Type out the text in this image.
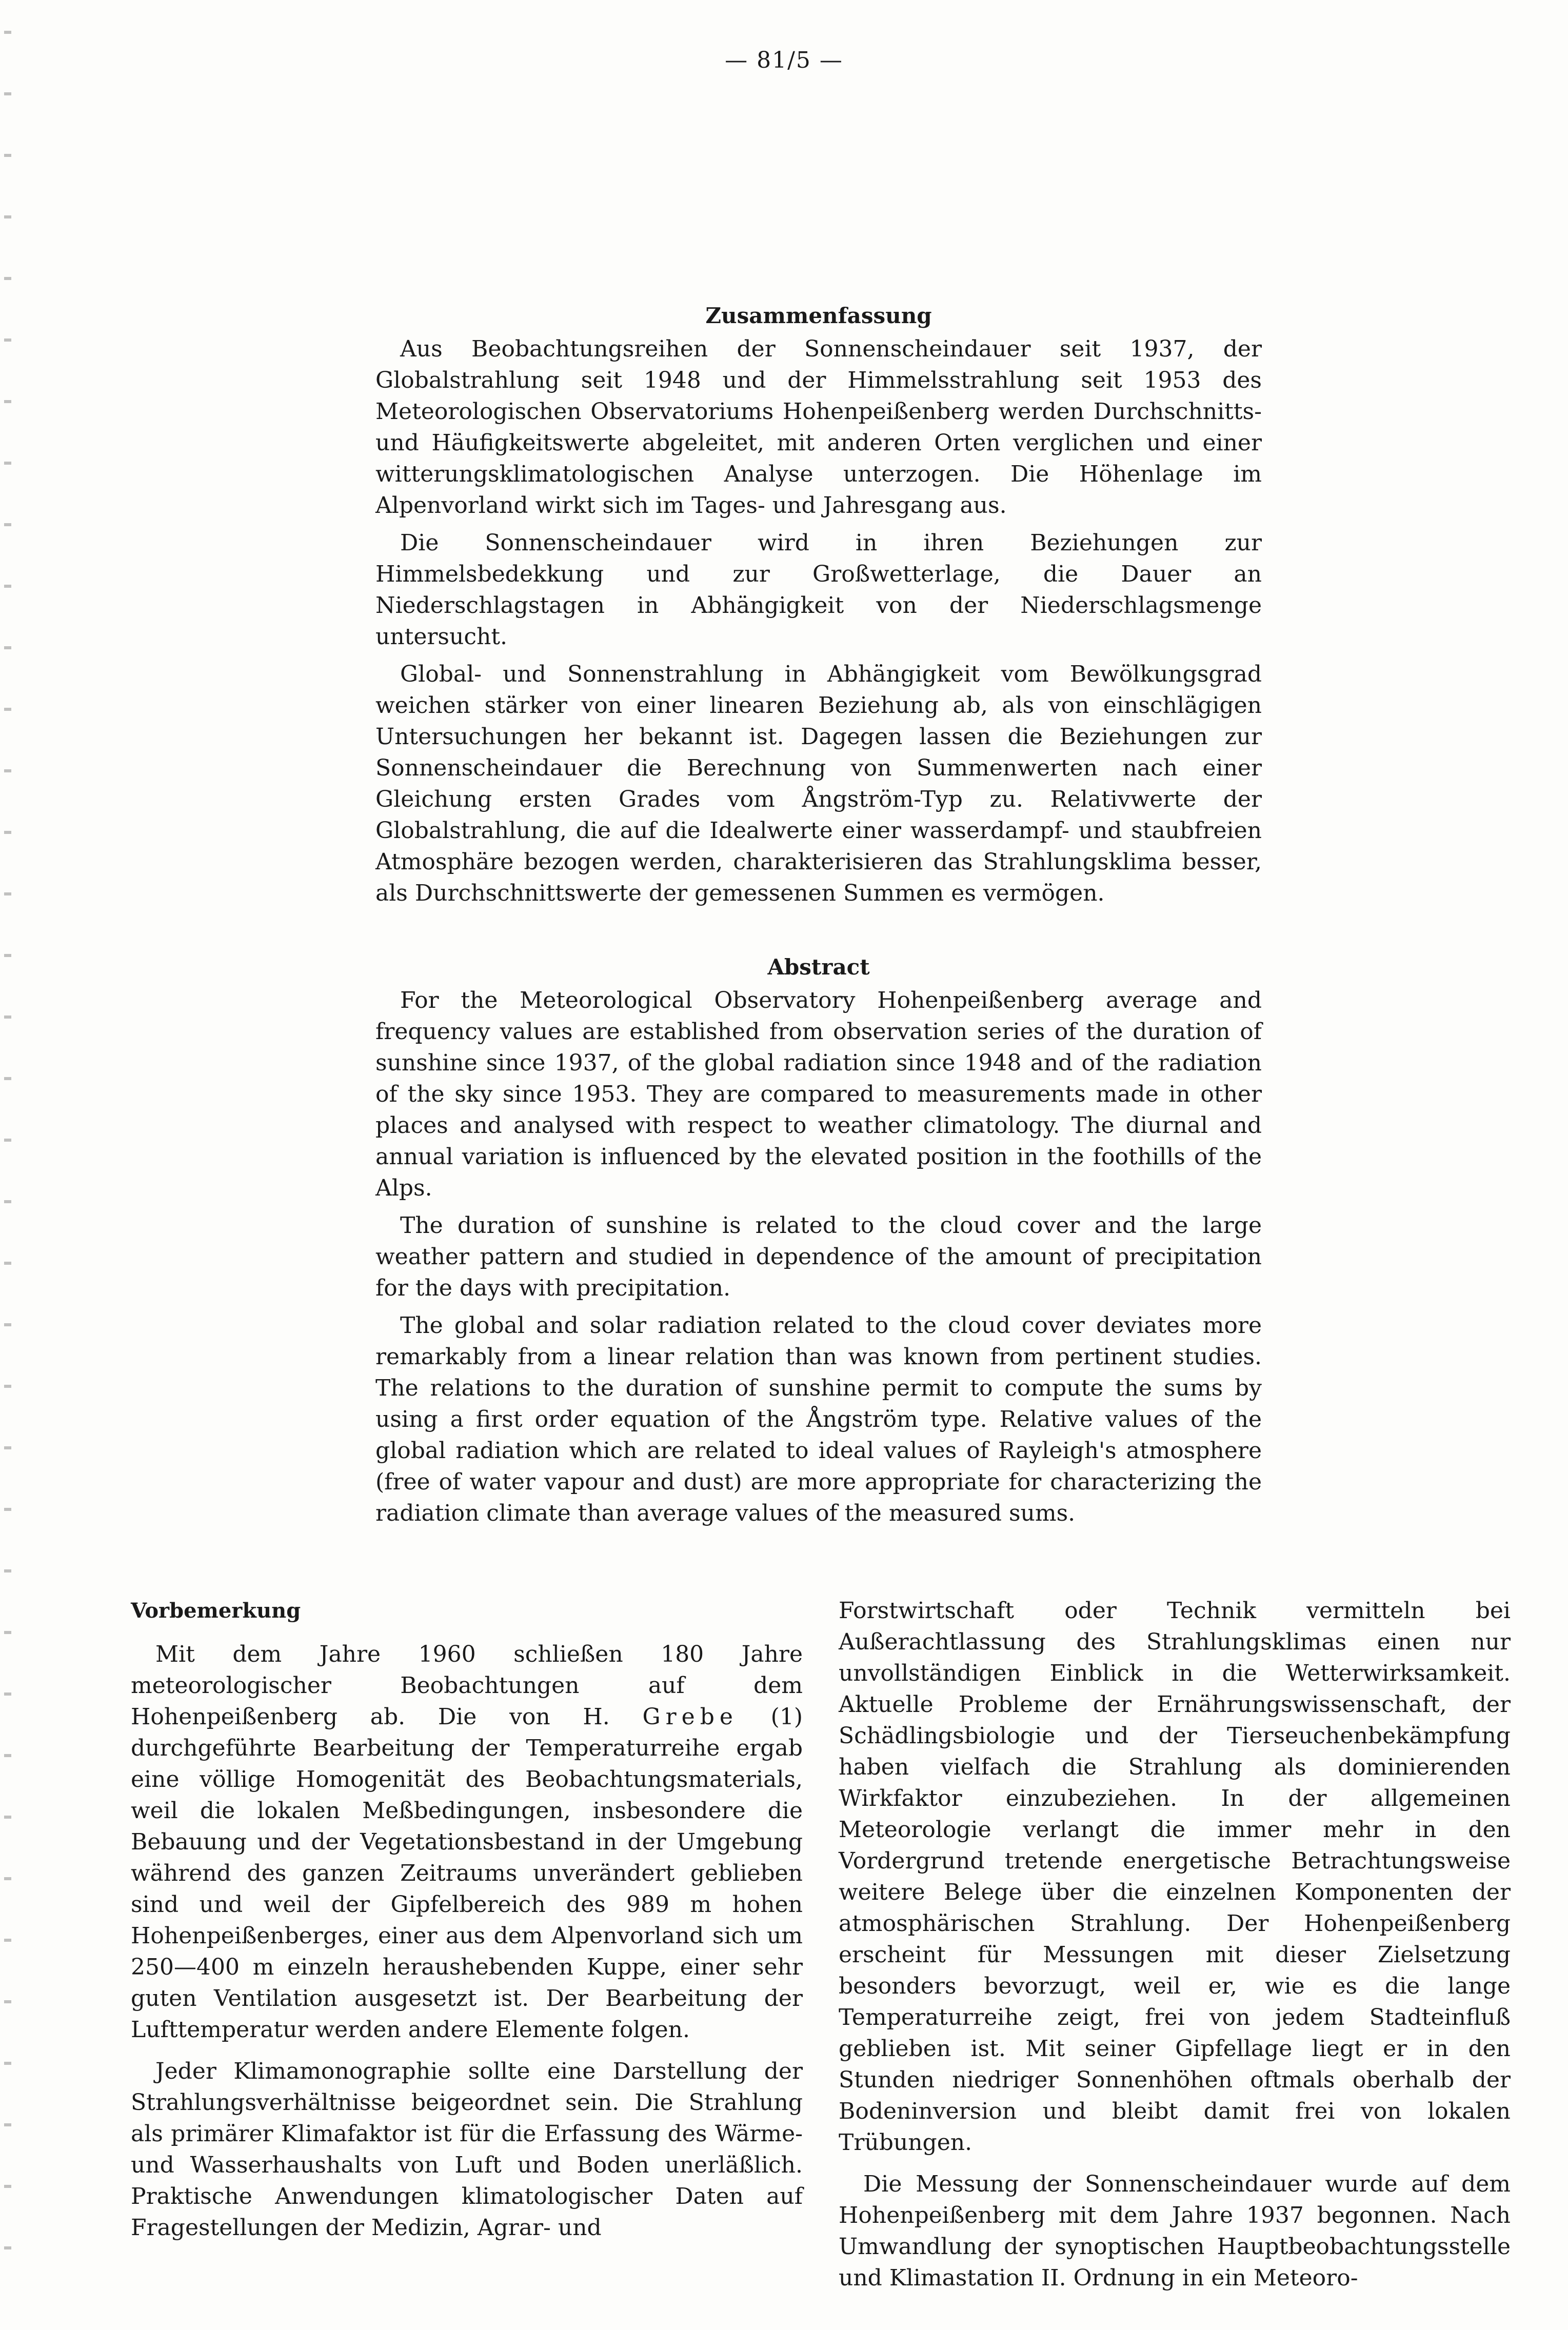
— 81/5 —
Zusammenfassung

Aus Beobachtungsreihen der Sonnenscheindauer seit 1937, der Globalstrahlung seit 1948 und der Himmelsstrahlung seit 1953 des Meteorologischen Observatoriums Hohenpeißenberg werden Durchschnitts- und Häufigkeitswerte abgeleitet, mit anderen Orten verglichen und einer witterungsklimatologischen Analyse unterzogen. Die Höhenlage im Alpenvorland wirkt sich im Tages- und Jahresgang aus.

Die Sonnenscheindauer wird in ihren Beziehungen zur Himmelsbedekkung und zur Großwetterlage, die Dauer an Niederschlagstagen in Abhängigkeit von der Niederschlagsmenge untersucht.

Global- und Sonnenstrahlung in Abhängigkeit vom Bewölkungsgrad weichen stärker von einer linearen Beziehung ab, als von einschlägigen Untersuchungen her bekannt ist. Dagegen lassen die Beziehungen zur Sonnenscheindauer die Berechnung von Summenwerten nach einer Gleichung ersten Grades vom Ångström-Typ zu. Relativwerte der Globalstrahlung, die auf die Idealwerte einer wasserdampf- und staubfreien Atmosphäre bezogen werden, charakterisieren das Strahlungsklima besser, als Durchschnittswerte der gemessenen Summen es vermögen.

Abstract

For the Meteorological Observatory Hohenpeißenberg average and frequency values are established from observation series of the duration of sunshine since 1937, of the global radiation since 1948 and of the radiation of the sky since 1953. They are compared to measurements made in other places and analysed with respect to weather climatology. The diurnal and annual variation is influenced by the elevated position in the foothills of the Alps.

The duration of sunshine is related to the cloud cover and the large weather pattern and studied in dependence of the amount of precipitation for the days with precipitation.

The global and solar radiation related to the cloud cover deviates more remarkably from a linear relation than was known from pertinent studies. The relations to the duration of sunshine permit to compute the sums by using a first order equation of the Ångström type. Relative values of the global radiation which are related to ideal values of Rayleigh's atmosphere (free of water vapour and dust) are more appropriate for characterizing the radiation climate than average values of the measured sums.

Vorbemerkung

Mit dem Jahre 1960 schließen 180 Jahre meteorologischer Beobachtungen auf dem Hohenpeißenberg ab. Die von H. Grebe (1) durchgeführte Bearbeitung der Temperaturreihe ergab eine völlige Homogenität des Beobachtungsmaterials, weil die lokalen Meßbedingungen, insbesondere die Bebauung und der Vegetationsbestand in der Umgebung während des ganzen Zeitraums unverändert geblieben sind und weil der Gipfelbereich des 989 m hohen Hohenpeißenberges, einer aus dem Alpenvorland sich um 250—400 m einzeln heraushebenden Kuppe, einer sehr guten Ventilation ausgesetzt ist. Der Bearbeitung der Lufttemperatur werden andere Elemente folgen.

Jeder Klimamonographie sollte eine Darstellung der Strahlungsverhältnisse beigeordnet sein. Die Strahlung als primärer Klimafaktor ist für die Erfassung des Wärme- und Wasserhaushalts von Luft und Boden unerläßlich. Praktische Anwendungen klimatologischer Daten auf Fragestellungen der Medizin, Agrar- und

Forstwirtschaft oder Technik vermitteln bei Außerachtlassung des Strahlungsklimas einen nur unvollständigen Einblick in die Wetterwirksamkeit. Aktuelle Probleme der Ernährungswissenschaft, der Schädlingsbiologie und der Tierseuchenbekämpfung haben vielfach die Strahlung als dominierenden Wirkfaktor einzubeziehen. In der allgemeinen Meteorologie verlangt die immer mehr in den Vordergrund tretende energetische Betrachtungsweise weitere Belege über die einzelnen Komponenten der atmosphärischen Strahlung. Der Hohenpeißenberg erscheint für Messungen mit dieser Zielsetzung besonders bevorzugt, weil er, wie es die lange Temperaturreihe zeigt, frei von jedem Stadteinfluß geblieben ist. Mit seiner Gipfellage liegt er in den Stunden niedriger Sonnenhöhen oftmals oberhalb der Bodeninversion und bleibt damit frei von lokalen Trübungen.

Die Messung der Sonnenscheindauer wurde auf dem Hohenpeißenberg mit dem Jahre 1937 begonnen. Nach Umwandlung der synoptischen Hauptbeobachtungsstelle und Klimastation II. Ordnung in ein Meteoro-
